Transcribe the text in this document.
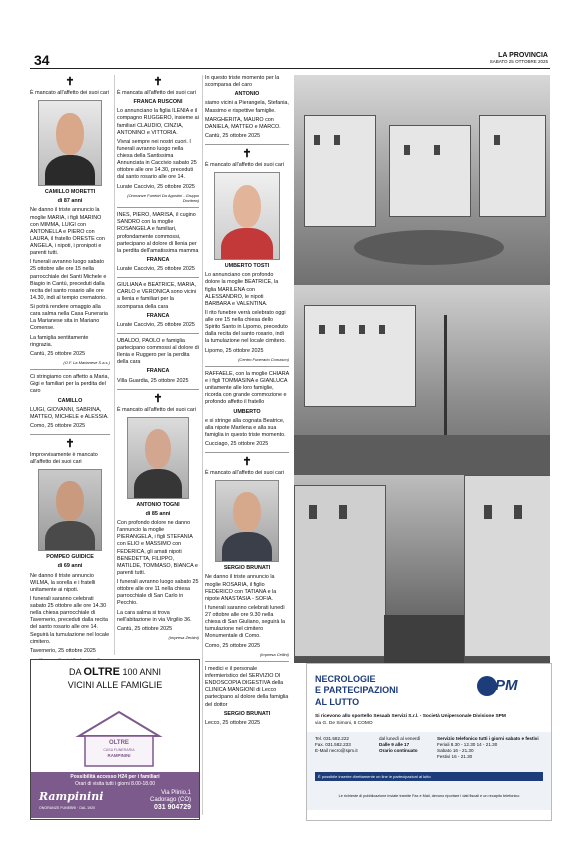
34	LA PROVINCIA
SABATO 25 OTTOBRE 2025
✝

È mancato all'affetto dei suoi cari

CAMILLO MORETTI

di 87 anni

Ne danno il triste annuncio la moglie MARIA, i figli MARINO con MIMMA, LUIGI con ANTONELLA e PIERO con LAURA, il fratello ORESTE con ANGELA, i nipoti, i pronipoti e parenti tutti.

I funerali avranno luogo sabato 25 ottobre alle ore 15 nella parrocchiale dei Santi Michele e Biagio in Cantù, preceduti dalla recita del santo rosario alle ore 14.30, indi al tempio crematorio.

Si potrà rendere omaggio alla cara salma nella Casa Funeraria La Marianese sita in Mariano Comense.

La famiglia sentitamente ringrazia.

Cantù, 25 ottobre 2025

(O.F. La Marianese S.a.s.)

Ci stringiamo con affetto a Maria, Gigi e familiari per la perdita del caro

CAMILLO

LUIGI, GIOVANNI, SABRINA, MATTEO, MICHELE e ALESSIA.

Como, 25 ottobre 2025

✝

Improvvisamente è mancato all'affetto dei suoi cari

POMPEO GUIDICE

di 69 anni

Ne danno il triste annuncio WILMA, la sorella e i fratelli unitamente ai nipoti.

I funerali saranno celebrati sabato 25 ottobre alle ore 14.30 nella chiesa parrocchiale di Tavernerio, preceduti dalla recita del santo rosario alle ore 14. Seguirà la tumulazione nel locale cimitero.

Tavernerio, 25 ottobre 2025

✝

È mancata all'affetto dei suoi cari

FRANCA RUSCONI

Lo annunciano la figlia ILENIA e il compagno RUGGERO, insieme ai familiari CLAUDIO, CINZIA, ANTONINO e VITTORIA.

Vivrai sempre nei nostri cuori. I funerali avranno luogo nella chiesa della Santissima Annunciata in Caccivio sabato 25 ottobre alle ore 14.30, preceduti dal santo rosario alle ore 14.

Lurate Caccivio, 25 ottobre 2025

(Onoranze Funebri Da Agostini - Gruppo Dovitrea)

INES, PIERO, MARISA, il cugino SANDRO con la moglie ROSANGELA e familiari, profondamente commossi, partecipano al dolore di Ilenia per la perdita dell'amatissima mamma

FRANCA

Lurate Caccivio, 25 ottobre 2025

GIULIANA e BEATRICE, MARIA, CARLO e VERONICA sono vicini a Ilenia e familiari per la scomparsa della cara

FRANCA

Lurate Caccivio, 25 ottobre 2025

UBALDO, PAOLO e famiglia partecipano commossi al dolore di Ilenia e Ruggero per la perdita della cara

FRANCA

Villa Guardia, 25 ottobre 2025

✝

È mancato all'affetto dei suoi cari

ANTONIO TOGNI

di 85 anni

Con profondo dolore ne danno l'annuncio la moglie PIERANGELA, i figli STEFANIA con ELIO e MASSIMO con FEDERICA, gli amati nipoti BENEDETTA, FILIPPO, MATILDE, TOMMASO, BIANCA e parenti tutti.

I funerali avranno luogo sabato 25 ottobre alle ore 11 nella chiesa parrocchiale di San Carlo in Pecchio.

La cara salma si trova nell'abitazione in via Virgilio 36.

Cantù, 25 ottobre 2025

(Impresa Zerbini)

In questo triste momento per la scomparsa del caro

ANTONIO

siamo vicini a Pierangela, Stefania, Massimo e rispettive famiglie.

MARGHERITA, MAURO con DANIELA, MATTEO e MARCO.

Cantù, 25 ottobre 2025

✝

È mancato all'affetto dei suoi cari

UMBERTO TOSTI

Lo annunciano con profondo dolore la moglie BEATRICE, la figlia MARILENA con ALESSANDRO, le nipoti BARBARA e VALENTINA.

Il rito funebre verrà celebrato oggi alle ore 15 nella chiesa dello Spirito Santo in Lipomo, preceduto dalla recita del santo rosario, indi la tumulazione nel locale cimitero.

Lipomo, 25 ottobre 2025

(Centro Funerario Comasco)

RAFFAELE, con la moglie CHIARA e i figli TOMMASINA e GIANLUCA unitamente alle loro famiglie, ricorda con grande commozione e profondo affetto il fratello

UMBERTO

e si stringe alla cognata Beatrice, alla nipote Marilena e alla sua famiglia in questo triste momento.

Cucciago, 25 ottobre 2025

✝

È mancato all'affetto dei suoi cari

SERGIO BRUNATI

Ne danno il triste annuncio la moglie ROSARIA, il figlio FEDERICO con TATIANA e la nipote ANASTASIA - SOFIA.

I funerali saranno celebrati lunedì 27 ottobre alle ore 9.30 nella chiesa di San Giuliano, seguirà la tumulazione nel cimitero Monumentale di Como.

Como, 25 ottobre 2025

(Impresa Cellini)

I medici e il personale infermieristico del SERVIZIO DI ENDOSCOPIA DIGESTIVA della CLINICA MANGIONI di Lecco partecipano al dolore della famiglia del dottor

SERGIO BRUNATI

Lecco, 25 ottobre 2025

DA OLTRE 100 ANNI
VICINI ALLE FAMIGLIE
OLTRE
CASA FUNERARIA
RAMPININI
Possibilità accesso H24 per i familiari
Orari di visita tutti i giorni 8.00-18.00
Rampinini
ONORANZE FUNEBRI · DAL 1920
Via Plinio,1
Cadorago (CO)
031 904729
NECROLOGIE
E PARTECIPAZIONI
AL LUTTO
SPM
Si ricevono allo sportello Sesaab Servizi S.r.l. - Società Unipersonale Divisione SPM
via G. De Simoni, 6 COMO
Tel. 031.582.222
Fax. 031.582.233
E-Mail necro@spm.it
dal lunedì al venerdì
Dalle 9 alle 17
Orario continuato
Servizio telefonico tutti i giorni sabato e festivi
Feriali 8.30 - 12.30 14 - 21.30
Sabato 16 - 21.30
Festivi 16 - 21.30
È possibile inserire direttamente on line le partecipazioni al lutto
Le richieste di pubblicazione inviate tramite Fax e Mail, devono riportare i dati fiscali e un recapito telefonico
